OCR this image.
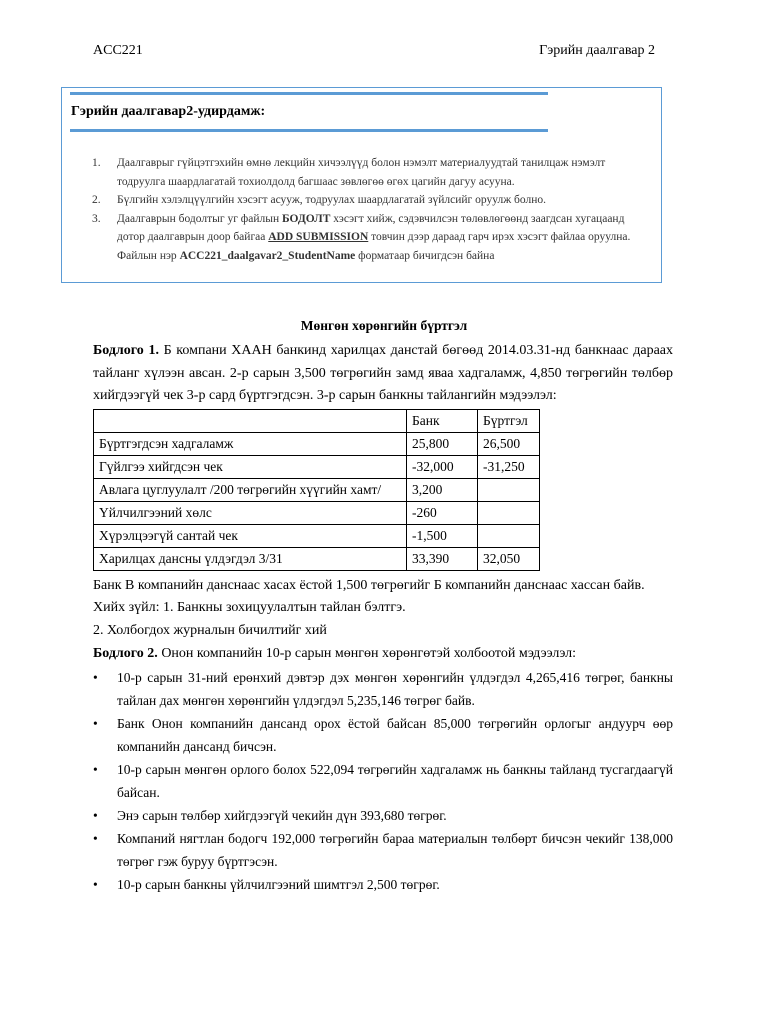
ACC221	Гэрийн даалгавар 2
Гэрийн даалгавар2-удирдамж:
1. Даалгаврыг гүйцэтгэхийн өмнө лекцийн хичээлүүд болон нэмэлт материалуудтай танилцаж нэмэлт тодруулга шаардлагатай тохиолдолд багшаас зөвлөгөө өгөх цагийн дагуу асууна.
2. Бүлгийн хэлэлцүүлгийн хэсэгт асууж, тодруулах шаардлагатай зүйлсийг оруулж болно.
3. Даалгаврын бодолтыг уг файлын БОДОЛТ хэсэгт хийж, сэдэвчилсэн төлөвлөгөөнд заагдсан хугацаанд дотор даалгаврын доор байгаа ADD SUBMISSION товчин дээр дараад гарч ирэх хэсэгт файлаа оруулна. Файлын нэр ACC221_daalgavar2_StudentName форматаар бичигдсэн байна
Мөнгөн хөрөнгийн бүртгэл

Бодлого 1. Б компани ХААН банкинд харилцах данстай бөгөөд 2014.03.31-нд банкнаас дараах тайланг хүлээн авсан. 2-р сарын 3,500 төгрөгийн замд яваа хадгаламж, 4,850 төгрөгийн төлбөр хийгдээгүй чек 3-р сард бүртгэгдсэн. 3-р сарын банкны тайлангийн мэдээлэл:

	Банк	Бүртгэл
Бүртгэгдсэн хадгаламж	25,800	26,500
Гүйлгээ хийгдсэн чек	-32,000	-31,250
Авлага цуглуулалт /200 төгрөгийн хүүгийн хамт/	3,200	
Үйлчилгээний хөлс	-260	
Хүрэлцээгүй сантай чек	-1,500	
Харилцах дансны үлдэгдэл 3/31	33,390	32,050

Банк В компанийн данснаас хасах ёстой 1,500 төгрөгийг Б компанийн данснаас хассан байв.

Хийх зүйл: 1. Банкны зохицуулалтын тайлан бэлтгэ.

2. Холбогдох журналын бичилтийг хий

Бодлого 2. Онон компанийн 10-р сарын мөнгөн хөрөнгөтэй холбоотой мэдээлэл:

• 10-р сарын 31-ний ерөнхий дэвтэр дэх мөнгөн хөрөнгийн үлдэгдэл 4,265,416 төгрөг, банкны тайлан дах мөнгөн хөрөнгийн үлдэгдэл 5,235,146 төгрөг байв.
• Банк Онон компанийн дансанд орох ёстой байсан 85,000 төгрөгийн орлогыг андуурч өөр компанийн дансанд бичсэн.
• 10-р сарын мөнгөн орлого болох 522,094 төгрөгийн хадгаламж нь банкны тайланд тусгагдаагүй байсан.
• Энэ сарын төлбөр хийгдээгүй чекийн дүн 393,680 төгрөг.
• Компаний нягтлан бодогч 192,000 төгрөгийн бараа материалын төлбөрт бичсэн чекийг 138,000 төгрөг гэж буруу бүртгэсэн.
• 10-р сарын банкны үйлчилгээний шимтгэл 2,500 төгрөг.
